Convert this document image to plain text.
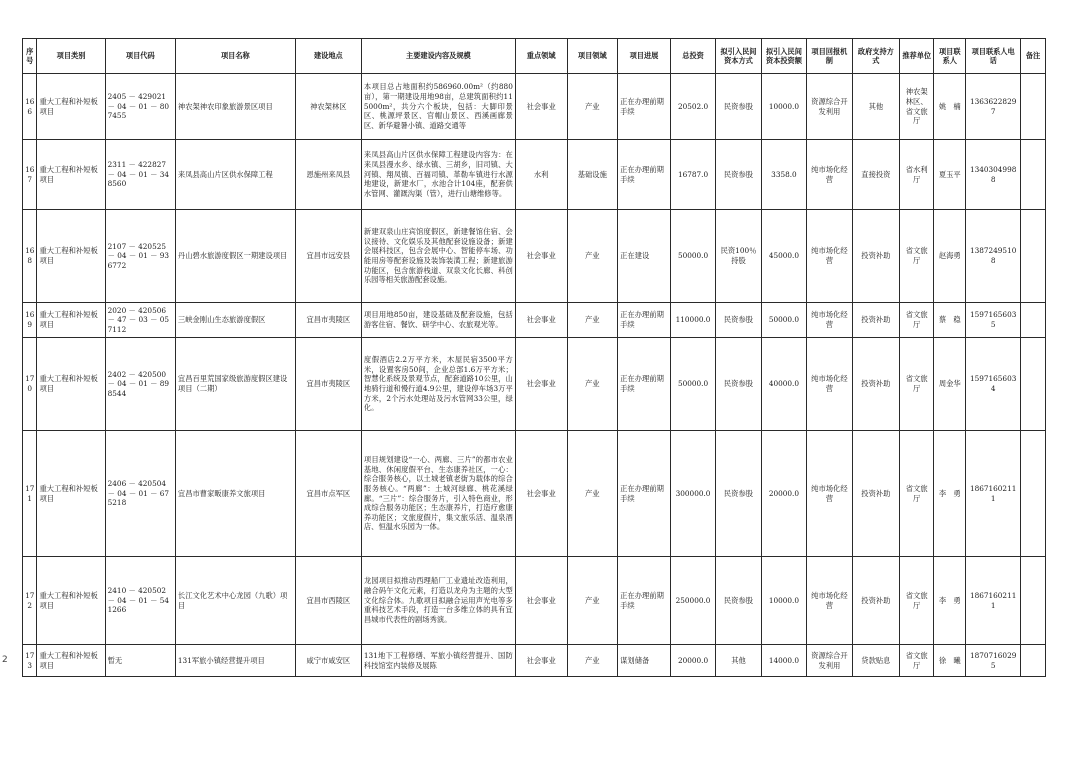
序号	项目类别	项目代码	项目名称	建设地点	主要建设内容及规模	重点领域	项目领域	项目进展	总投资	拟引入民间资本方式	拟引入民间资本投资额	项目回报机制	政府支持方式	推荐单位	项目联系人	项目联系人电话	备注
166	重大工程和补短板项目	2405 － 429021 － 04 － 01 － 807455	神农架神农印象旅游景区项目	神农架林区	本项目总占地面积约586960.00m²（约880亩），第一期建设用地98亩，总建筑面积约115000m²，共分六个板块，包括：大脚印景区、桃源坪景区、官帽山景区、西溪画廊景区、新华避暑小镇、道路交通等	社会事业	产业	正在办理前期手续	20502.0	民资参股	10000.0	资源综合开发利用	其他	神农架林区、省文旅厅	姚　楠	13636228297	
167	重大工程和补短板项目	2311 － 422827 － 04 － 01 － 348560	来凤县高山片区供水保障工程	恩施州来凤县	来凤县高山片区供水保障工程建设内容为：在来凤县漫水乡、绿水镇、三胡乡，旧司镇、大河镇、翔凤镇、百福司镇、革勒车镇进行水源地建设，新建水厂，水池合计104座，配套供水管网、灌溉沟渠（管），进行山塘维修等。	水利	基础设施	正在办理前期手续	16787.0	民资参股	3358.0	纯市场化经营	直接投资	省水利厅	夏玉平	13403049988	
168	重大工程和补短板项目	2107 － 420525 － 04 － 01 － 936772	丹山碧水旅游度假区一期建设项目	宜昌市远安县	新建双泉山庄宾馆度假区，新建餐馆住宿、会议接待、文化娱乐及其他配套设施设备；新建会展科技区，包含会展中心、智能停车场、功能用房等配套设施及装饰装潢工程；新建旅游功能区，包含旅游栈道、双泉文化长廊、科创乐园等相关旅游配套设施。	社会事业	产业	正在建设	50000.0	民资100％持股	45000.0	纯市场化经营	投资补助	省文旅厅	赵海勇	13872495108	
169	重大工程和补短板项目	2020 － 420506 － 47 － 03 － 057112	三峡金刚山生态旅游度假区	宜昌市夷陵区	项目用地850亩，建设基础及配套设施，包括游客住宿、餐饮、研学中心、农旅观光等。	社会事业	产业	正在办理前期手续	110000.0	民资参股	50000.0	纯市场化经营	投资补助	省文旅厅	蔡　稳	15971656035	
170	重大工程和补短板项目	2402 － 420500 － 04 － 01 － 898544	宜昌百里荒国家级旅游度假区建设项目（二期）	宜昌市夷陵区	度假酒店2.2万平方米，木屋民宿3500平方米，设置客房50间，企业总部1.6万平方米；智慧化系统及景观节点，配套道路10公里，山地骑行道和慢行道4.9公里，建设停车场3万平方米，2个污水处理站及污水管网33公里，绿化。	社会事业	产业	正在办理前期手续	50000.0	民资参股	40000.0	纯市场化经营	投资补助	省文旅厅	周金华	15971656034	
171	重大工程和补短板项目	2406 － 420504 － 04 － 01 － 675218	宜昌市曹家畈康养文旅项目	宜昌市点军区	项目规划建设“一心、两廊、三片”的都市农业基地、休闲度假平台、生态康养社区，一心：综合服务核心，以土城老镇老街为载体的综合服务核心。“两廊”：土城河绿廊、桃花溪绿廊。“三片”：综合服务片，引入特色商业，形成综合服务功能区；生态康养片，打造疗愈康养功能区；文旅度假片，集文旅乐活、温泉酒店、恒温水乐园为一体。	社会事业	产业	正在办理前期手续	300000.0	民资参股	20000.0	纯市场化经营	投资补助	省文旅厅	李　勇	18671602111	
172	重大工程和补短板项目	2410 － 420502 － 04 － 01 － 541266	长江文化艺术中心龙园（九歌）项目	宜昌市西陵区	龙园项目拟推动西理船厂工业遗址改造利用，融合码午文化元素，打造以龙舟为主题的大型文化综合体。九歌项目拟融合运用声光电等多重科技艺术手段，打造一台多维立体的具有宜昌城市代表性的剧场秀演。	社会事业	产业	正在办理前期手续	250000.0	民资参股	10000.0	纯市场化经营	投资补助	省文旅厅	李　勇	18671602111	
173	重大工程和补短板项目	暂无	131军旅小镇经营提升项目	咸宁市咸安区	131地下工程修缮、军旅小镇经营提升、国防科技馆室内装修及展陈	社会事业	产业	谋划储备	20000.0	其他	14000.0	资源综合开发利用	贷款贴息	省文旅厅	徐　曦	18707160295	
2
